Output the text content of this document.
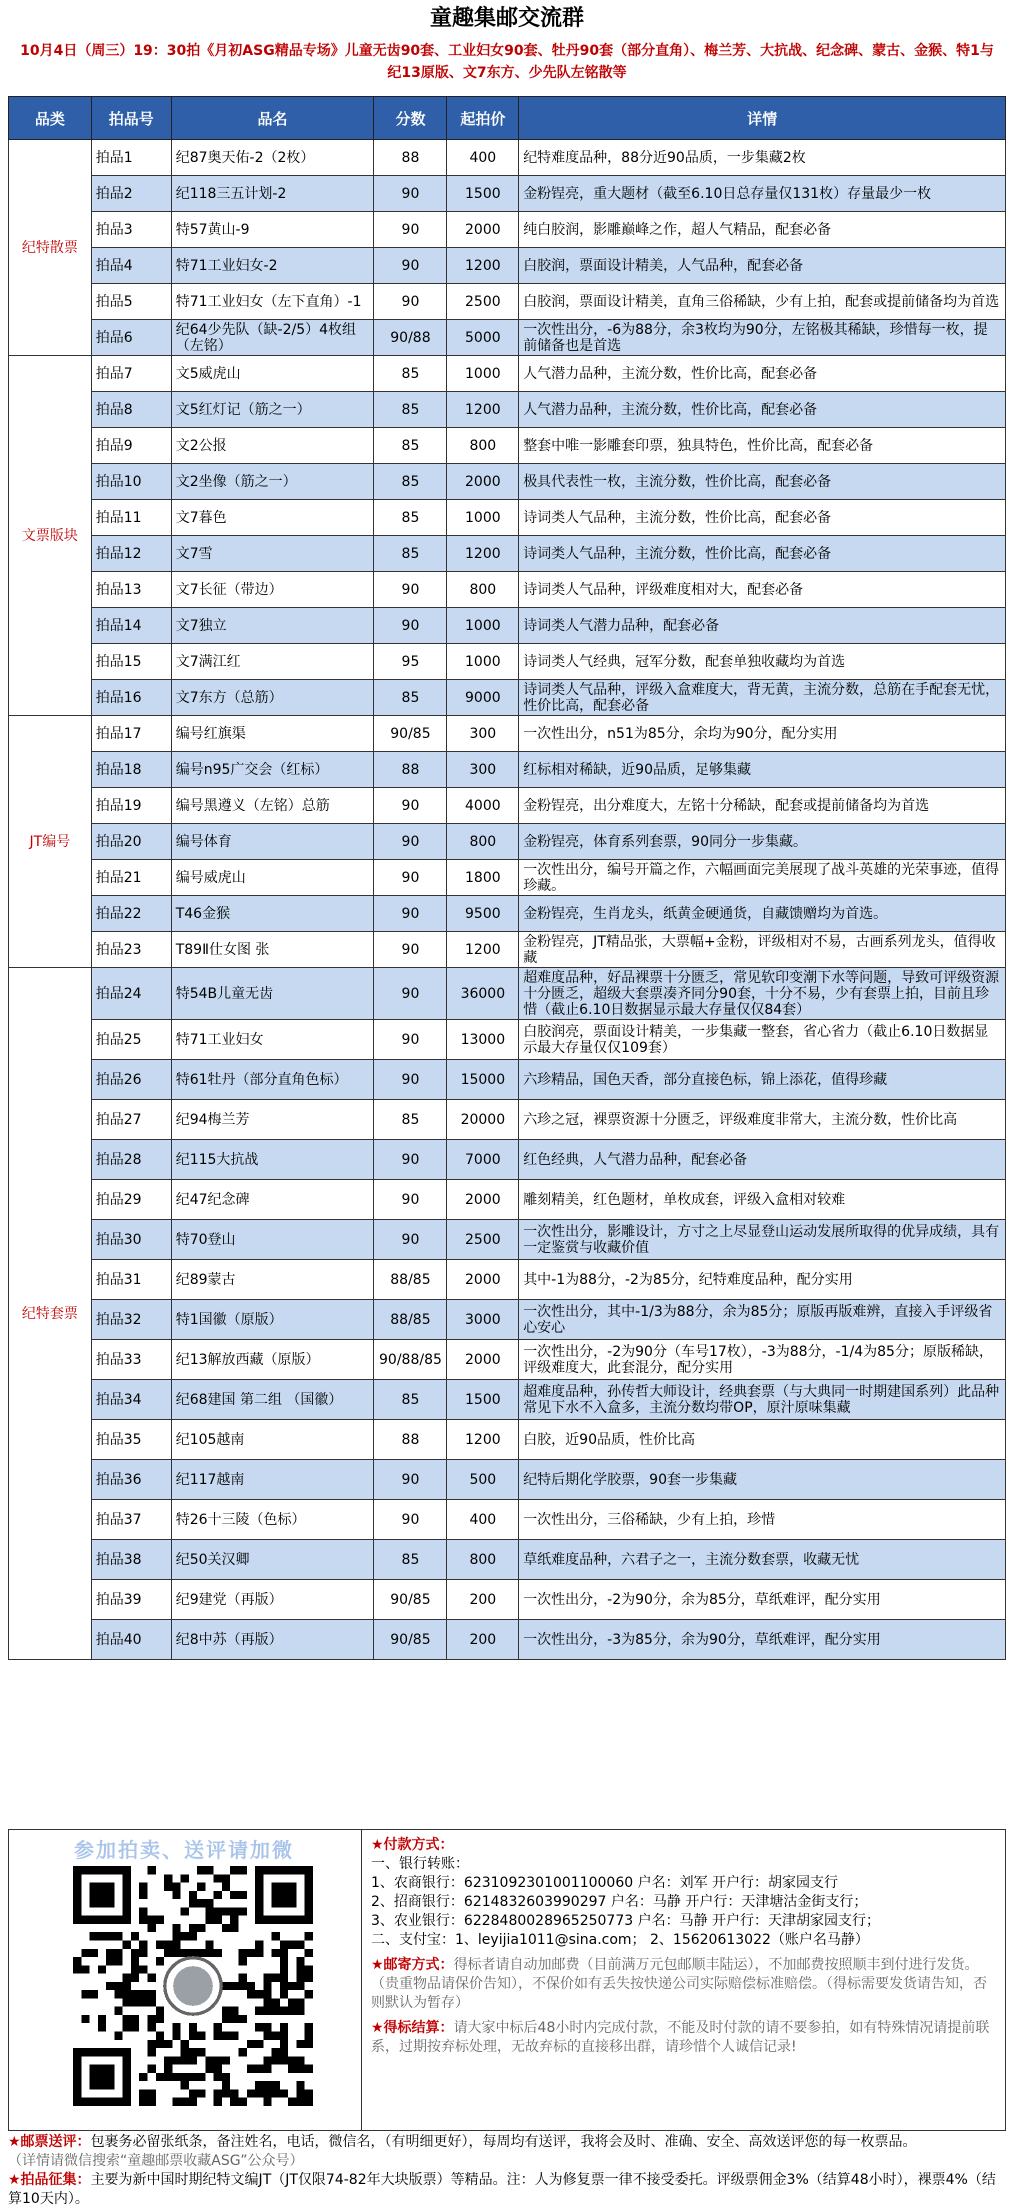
童趣集邮交流群
10月4日（周三）19：30拍《月初ASG精品专场》儿童无齿90套、工业妇女90套、牡丹90套（部分直角）、梅兰芳、大抗战、纪念碑、蒙古、金猴、特1与纪13原版、文7东方、少先队左铭散等
品类	拍品号	品名	分数	起拍价	详情
纪特散票	拍品1	纪87奥天佑-2（2枚）	88	400	纪特难度品种，88分近90品质，一步集藏2枚
	拍品2	纪118三五计划-2	90	1500	金粉锃亮，重大题材（截至6.10日总存量仅131枚）存量最少一枚
	拍品3	特57黄山-9	90	2000	纯白胶润，影雕巅峰之作，超人气精品，配套必备
	拍品4	特71工业妇女-2	90	1200	白胶润，票面设计精美，人气品种，配套必备
	拍品5	特71工业妇女（左下直角）-1	90	2500	白胶润，票面设计精美，直角三俗稀缺，少有上拍，配套或提前储备均为首选
	拍品6	纪64少先队（缺-2/5）4枚组（左铭）	90/88	5000	一次性出分，-6为88分，余3枚均为90分，左铭极其稀缺，珍惜每一枚，提前储备也是首选
文票版块	拍品7	文5威虎山	85	1000	人气潜力品种，主流分数，性价比高，配套必备
	拍品8	文5红灯记（筋之一）	85	1200	人气潜力品种，主流分数，性价比高，配套必备
	拍品9	文2公报	85	800	整套中唯一影雕套印票，独具特色，性价比高，配套必备
	拍品10	文2坐像（筋之一）	85	2000	极具代表性一枚，主流分数，性价比高，配套必备
	拍品11	文7暮色	85	1000	诗词类人气品种，主流分数，性价比高，配套必备
	拍品12	文7雪	85	1200	诗词类人气品种，主流分数，性价比高，配套必备
	拍品13	文7长征（带边）	90	800	诗词类人气品种，评级难度相对大，配套必备
	拍品14	文7独立	90	1000	诗词类人气潜力品种，配套必备
	拍品15	文7满江红	95	1000	诗词类人气经典，冠军分数，配套单独收藏均为首选
	拍品16	文7东方（总筋）	85	9000	诗词类人气品种，评级入盒难度大，背无黄，主流分数，总筋在手配套无忧，性价比高，配套必备
JT编号	拍品17	编号红旗渠	90/85	300	一次性出分，n51为85分，余均为90分，配分实用
	拍品18	编号n95广交会（红标）	88	300	红标相对稀缺，近90品质，足够集藏
	拍品19	编号黑遵义（左铭）总筋	90	4000	金粉锃亮，出分难度大，左铭十分稀缺，配套或提前储备均为首选
	拍品20	编号体育	90	800	金粉锃亮，体育系列套票，90同分一步集藏。
	拍品21	编号威虎山	90	1800	一次性出分，编号开篇之作，六幅画面完美展现了战斗英雄的光荣事迹，值得珍藏。
	拍品22	T46金猴	90	9500	金粉锃亮，生肖龙头，纸黄金硬通货，自藏馈赠均为首选。
	拍品23	T89Ⅱ仕女图 张	90	1200	金粉锃亮，JT精品张，大票幅+金粉，评级相对不易，古画系列龙头，值得收藏
纪特套票	拍品24	特54B儿童无齿	90	36000	超难度品种，好品裸票十分匮乏，常见软印变潮下水等问题，导致可评级资源十分匮乏，超级大套票凑齐同分90套，十分不易，少有套票上拍，目前且珍惜（截止6.10日数据显示最大存量仅仅84套）
	拍品25	特71工业妇女	90	13000	白胶润亮，票面设计精美，一步集藏一整套，省心省力（截止6.10日数据显示最大存量仅仅109套）
	拍品26	特61牡丹（部分直角色标）	90	15000	六珍精品，国色天香，部分直接色标，锦上添花，值得珍藏
	拍品27	纪94梅兰芳	85	20000	六珍之冠，裸票资源十分匮乏，评级难度非常大，主流分数，性价比高
	拍品28	纪115大抗战	90	7000	红色经典，人气潜力品种，配套必备
	拍品29	纪47纪念碑	90	2000	雕刻精美，红色题材，单枚成套，评级入盒相对较难
	拍品30	特70登山	90	2500	一次性出分，影雕设计，方寸之上尽显登山运动发展所取得的优异成绩，具有一定鉴赏与收藏价值
	拍品31	纪89蒙古	88/85	2000	其中-1为88分，-2为85分，纪特难度品种，配分实用
	拍品32	特1国徽（原版）	88/85	3000	一次性出分，其中-1/3为88分，余为85分；原版再版难辨，直接入手评级省心安心
	拍品33	纪13解放西藏（原版）	90/88/85	2000	一次性出分，-2为90分（车号17枚），-3为88分，-1/4为85分；原版稀缺，评级难度大，此套混分，配分实用
	拍品34	纪68建国 第二组 （国徽）	85	1500	超难度品种，孙传哲大师设计，经典套票（与大典同一时期建国系列）此品种常见下水不入盒多，主流分数均带OP，原汁原味集藏
	拍品35	纪105越南	88	1200	白胶，近90品质，性价比高
	拍品36	纪117越南	90	500	纪特后期化学胶票，90套一步集藏
	拍品37	特26十三陵（色标）	90	400	一次性出分，三俗稀缺，少有上拍，珍惜
	拍品38	纪50关汉卿	85	800	草纸难度品种，六君子之一，主流分数套票，收藏无忧
	拍品39	纪9建党（再版）	90/85	200	一次性出分，-2为90分，余为85分，草纸难评，配分实用
	拍品40	纪8中苏（再版）	90/85	200	一次性出分，-3为85分，余为90分，草纸难评，配分实用
参加拍卖、送评请加微	★付款方式：
一、银行转账：
1、农商银行：6231092301001100060 户名：刘军 开户行：胡家园支行
2、招商银行：6214832603990297 户名：马静 开户行：天津塘沽金街支行；
3、农业银行：6228480028965250773 户名：马静 开户行：天津胡家园支行；
二、支付宝：1、leyijia1011@sina.com； 2、15620613022（账户名马静）
★邮寄方式：得标者请自动加邮费（目前满万元包邮顺丰陆运），不加邮费按照顺丰到付进行发货。（贵重物品请保价告知），不保价如有丢失按快递公司实际赔偿标准赔偿。（得标需要发货请告知，否则默认为暂存）
★得标结算：请大家中标后48小时内完成付款，不能及时付款的请不要参拍，如有特殊情况请提前联系，过期按弃标处理，无故弃标的直接移出群，请珍惜个人诚信记录!
★邮票送评：包裹务必留张纸条，备注姓名，电话，微信名，（有明细更好），每周均有送评，我将会及时、准确、安全、高效送评您的每一枚票品。
（详情请微信搜索“童趣邮票收藏ASG”公众号）
★拍品征集：主要为新中国时期纪特文编JT（JT仅限74-82年大块版票）等精品。注：人为修复票一律不接受委托。评级票佣金3%（结算48小时），裸票4%（结算10天内）。
